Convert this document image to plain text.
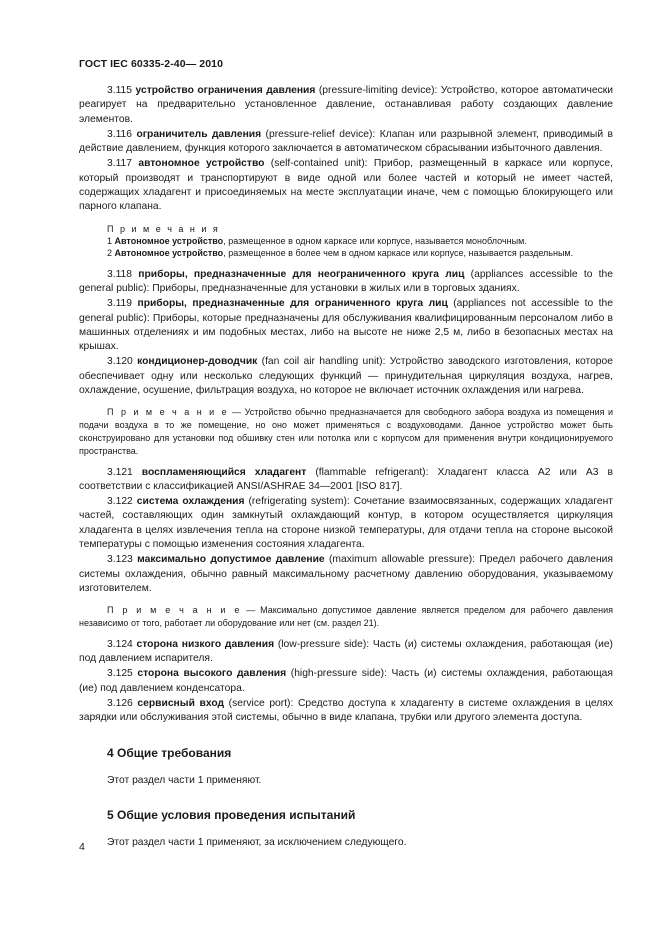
ГОСТ IEC 60335-2-40— 2010

3.115 устройство ограничения давления (pressure-limiting device): Устройство, которое автоматически реагирует на предварительно установленное давление, останавливая работу создающих давление элементов.

3.116 ограничитель давления (pressure-relief device): Клапан или разрывной элемент, приводимый в действие давлением, функция которого заключается в автоматическом сбрасывании избыточного давления.

3.117 автономное устройство (self-contained unit): Прибор, размещенный в каркасе или корпусе, который производят и транспортируют в виде одной или более частей и который не имеет частей, содержащих хладагент и присоединяемых на месте эксплуатации иначе, чем с помощью блокирующего или парного клапана.

П р и м е ч а н и я
1 Автономное устройство, размещенное в одном каркасе или корпусе, называется моноблочным.
2 Автономное устройство, размещенное в более чем в одном каркасе или корпусе, называется раздельным.

3.118 приборы, предназначенные для неограниченного круга лиц (appliances accessible to the general public): Приборы, предназначенные для установки в жилых или в торговых зданиях.

3.119 приборы, предназначенные для ограниченного круга лиц (appliances not accessible to the general public): Приборы, которые предназначены для обслуживания квалифицированным персоналом либо в машинных отделениях и им подобных местах, либо на высоте не ниже 2,5 м, либо в безопасных местах на крышах.

3.120 кондиционер-доводчик (fan coil air handling unit): Устройство заводского изготовления, которое обеспечивает одну или несколько следующих функций — принудительная циркуляция воздуха, нагрев, охлаждение, осушение, фильтрация воздуха, но которое не включает источник охлаждения или нагрева.

П р и м е ч а н и е — Устройство обычно предназначается для свободного забора воздуха из помещения и подачи воздуха в то же помещение, но оно может применяться с воздуховодами. Данное устройство может быть сконструировано для установки под обшивку стен или потолка или с корпусом для применения внутри кондиционируемого пространства.

3.121 воспламеняющийся хладагент (flammable refrigerant): Хладагент класса А2 или А3 в соответствии с классификацией ANSI/ASHRAE 34—2001 [ISO 817].

3.122 система охлаждения (refrigerating system): Сочетание взаимосвязанных, содержащих хладагент частей, составляющих один замкнутый охлаждающий контур, в котором осуществляется циркуляция хладагента в целях извлечения тепла на стороне низкой температуры, для отдачи тепла на стороне высокой температуры с помощью изменения состояния хладагента.

3.123 максимально допустимое давление (maximum allowable pressure): Предел рабочего давления системы охлаждения, обычно равный максимальному расчетному давлению оборудования, указываемому изготовителем.

П р и м е ч а н и е — Максимально допустимое давление является пределом для рабочего давления независимо от того, работает ли оборудование или нет (см. раздел 21).

3.124 сторона низкого давления (low-pressure side): Часть (и) системы охлаждения, работающая (ие) под давлением испарителя.

3.125 сторона высокого давления (high-pressure side): Часть (и) системы охлаждения, работающая (ие) под давлением конденсатора.

3.126 сервисный вход (service port): Средство доступа к хладагенту в системе охлаждения в целях зарядки или обслуживания этой системы, обычно в виде клапана, трубки или другого элемента доступа.

4 Общие требования
Этот раздел части 1 применяют.
5 Общие условия проведения испытаний
Этот раздел части 1 применяют, за исключением следующего.
4
